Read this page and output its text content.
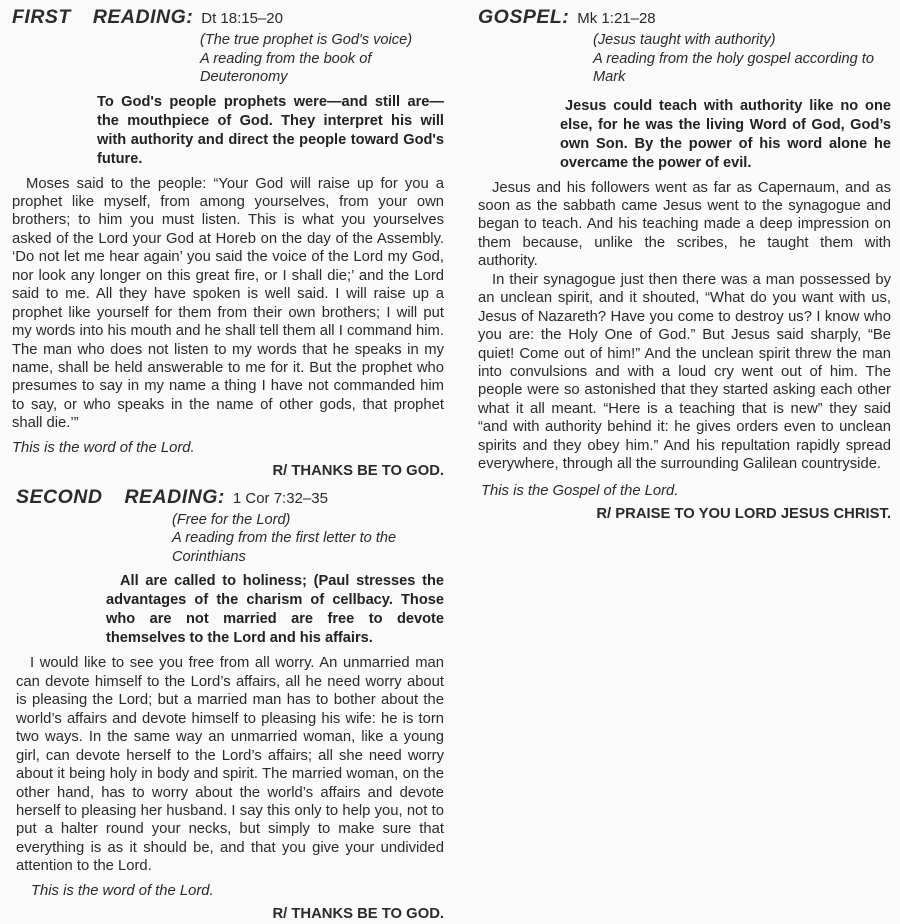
FIRST READING: Dt 18:15–20
(The true prophet is God's voice)
A reading from the book of Deuteronomy
To God's people prophets were—and still are—the mouthpiece of God. They interpret his will with authority and direct the people toward God's future.

Moses said to the people: “Your God will raise up for you a prophet like myself, from among yourselves, from your own brothers; to him you must listen. This is what you yourselves asked of the Lord your God at Horeb on the day of the Assembly. ‘Do not let me hear again’ you said the voice of the Lord my God, nor look any longer on this great fire, or I shall die;’ and the Lord said to me. All they have spoken is well said. I will raise up a prophet like yourself for them from their own brothers; I will put my words into his mouth and he shall tell them all I command him. The man who does not listen to my words that he speaks in my name, shall be held answerable to me for it. But the prophet who presumes to say in my name a thing I have not commanded him to say, or who speaks in the name of other gods, that prophet shall die.’”

This is the word of the Lord.
R/ THANKS BE TO GOD.
SECOND READING: 1 Cor 7:32–35
(Free for the Lord)
A reading from the first letter to the Corinthians
All are called to holiness; (Paul stresses the advantages of the charism of cellbacy. Those who are not married are free to devote themselves to the Lord and his affairs.

I would like to see you free from all worry. An unmarried man can devote himself to the Lord’s affairs, all he need worry about is pleasing the Lord; but a married man has to bother about the world’s affairs and devote himself to pleasing his wife: he is torn two ways. In the same way an unmarried woman, like a young girl, can devote herself to the Lord’s affairs; all she need worry about it being holy in body and spirit. The married woman, on the other hand, has to worry about the world’s affairs and devote herself to pleasing her husband. I say this only to help you, not to put a halter round your necks, but simply to make sure that everything is as it should be, and that you give your undivided attention to the Lord.

This is the word of the Lord.
R/ THANKS BE TO GOD.
GOSPEL: Mk 1:21–28
(Jesus taught with authority)
A reading from the holy gospel according to Mark
Jesus could teach with authority like no one else, for he was the living Word of God, God’s own Son. By the power of his word alone he overcame the power of evil.

Jesus and his followers went as far as Capernaum, and as soon as the sabbath came Jesus went to the synagogue and began to teach. And his teaching made a deep impression on them because, unlike the scribes, he taught them with authority.

In their synagogue just then there was a man possessed by an unclean spirit, and it shouted, “What do you want with us, Jesus of Nazareth? Have you come to destroy us? I know who you are: the Holy One of God.” But Jesus said sharply, “Be quiet! Come out of him!” And the unclean spirit threw the man into convulsions and with a loud cry went out of him. The people were so astonished that they started asking each other what it all meant. “Here is a teaching that is new” they said “and with authority behind it: he gives orders even to unclean spirits and they obey him.” And his repultation rapidly spread everywhere, through all the surrounding Galilean countryside.

This is the Gospel of the Lord.
R/ PRAISE TO YOU LORD JESUS CHRIST.
